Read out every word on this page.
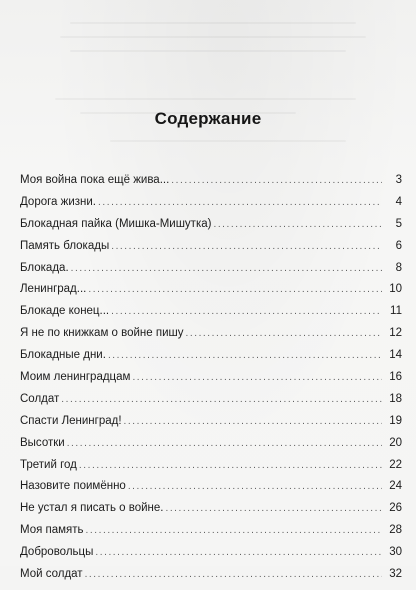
Содержание
Моя война пока ещё жива... . . .	3
Дорога жизни. . . .	4
Блокадная пайка (Мишка-Мишутка) . . .	5
Память блокады . . .	6
Блокада. . . .	8
Ленинград... . . .	10
Блокаде конец... . . .	11
Я не по книжкам о войне пишу . . .	12
Блокадные дни. . . .	14
Моим ленинградцам . . .	16
Солдат . . .	18
Спасти Ленинград! . . .	19
Высотки . . .	20
Третий год . . .	22
Назовите поимённо . . .	24
Не устал я писать о войне. . . .	26
Моя память . . .	28
Добровольцы . . .	30
Мой солдат . . .	32
